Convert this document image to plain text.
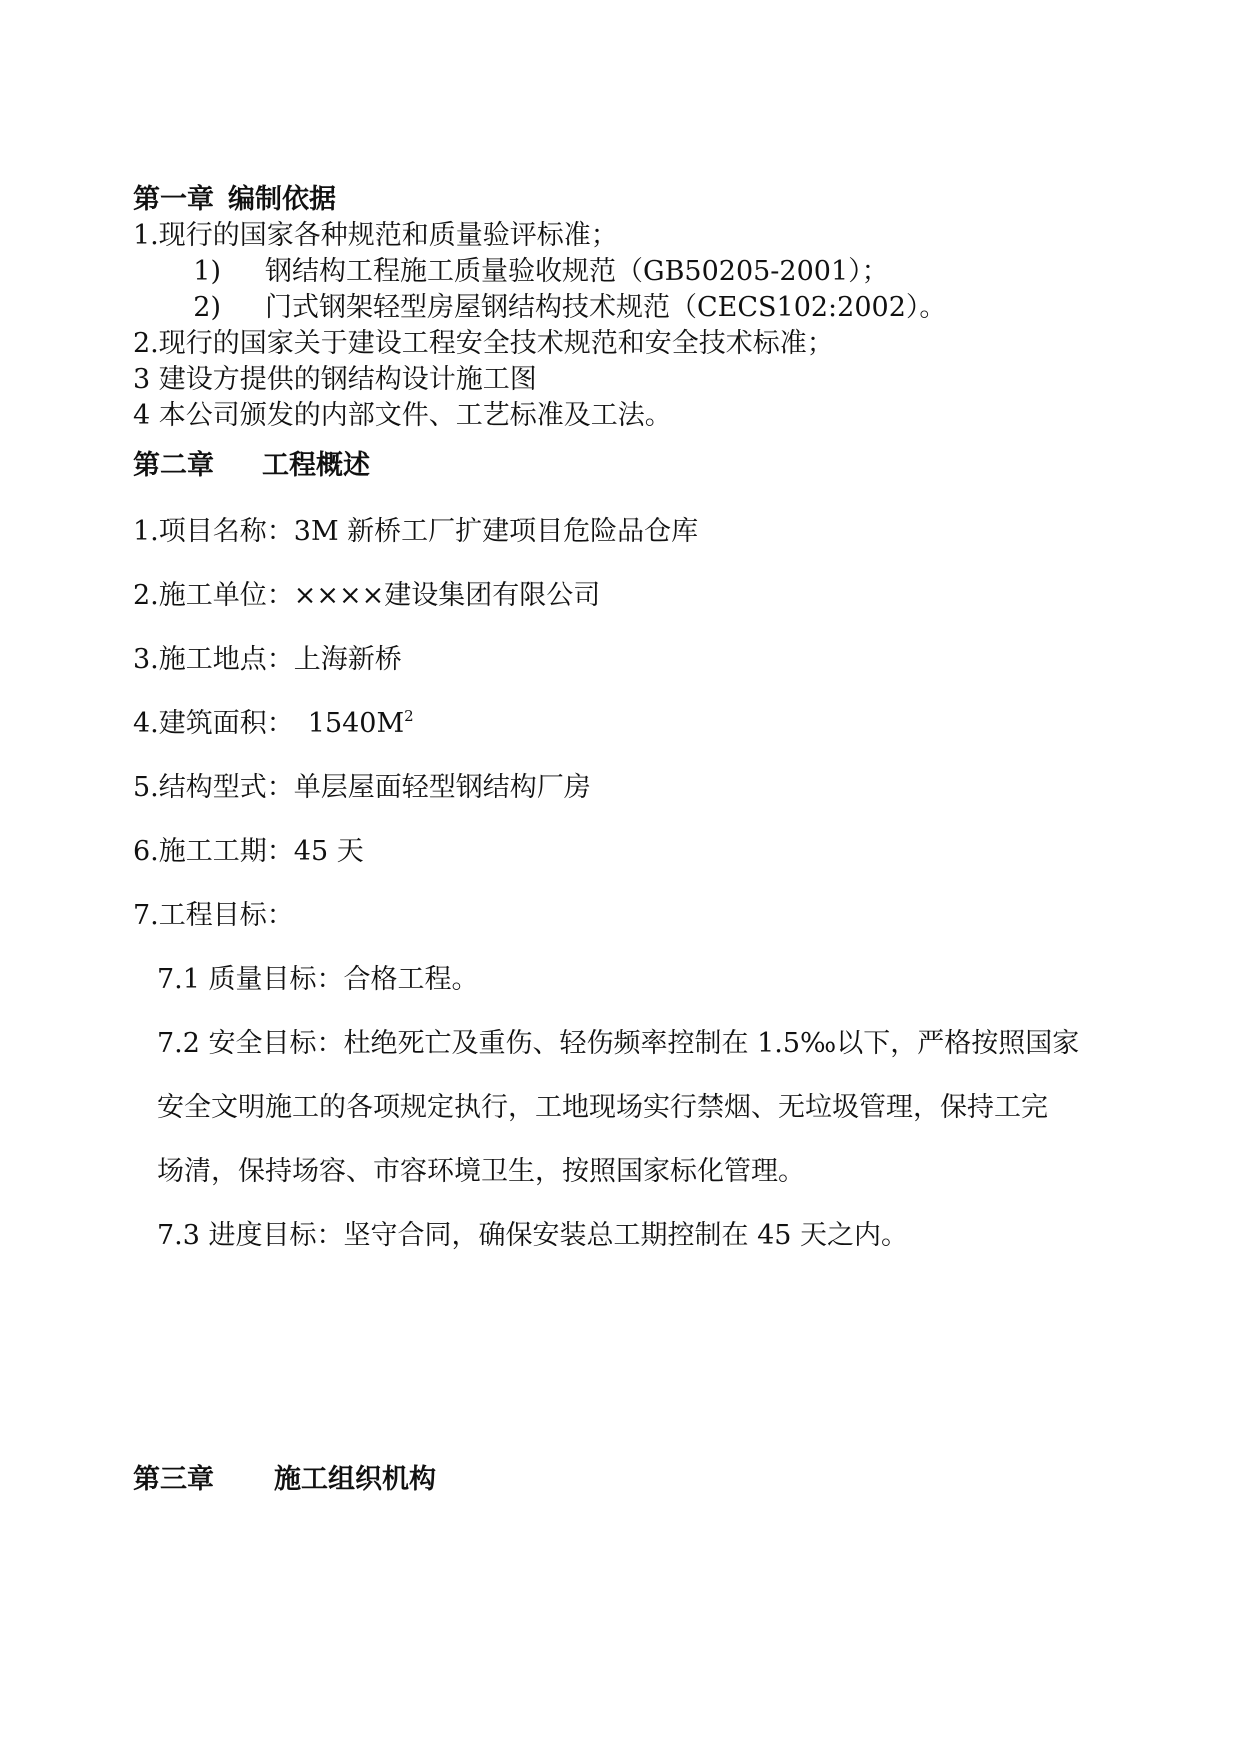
第一章 编制依据
1.现行的国家各种规范和质量验评标准；
1) 钢结构工程施工质量验收规范（GB50205-2001）；
2) 门式钢架轻型房屋钢结构技术规范（CECS102:2002）。
2.现行的国家关于建设工程安全技术规范和安全技术标准；
3 建设方提供的钢结构设计施工图
4 本公司颁发的内部文件、工艺标准及工法。
第二章 工程概述
1.项目名称：3M 新桥工厂扩建项目危险品仓库
2.施工单位：××××建设集团有限公司
3.施工地点：上海新桥
4.建筑面积： $1540M^2$
5.结构型式：单层屋面轻型钢结构厂房
6.施工工期：45 天
7.工程目标：
7.1 质量目标：合格工程。
7.2 安全目标：杜绝死亡及重伤、轻伤频率控制在 1.5‰以下，严格按照国家
安全文明施工的各项规定执行，工地现场实行禁烟、无垃圾管理，保持工完
场清，保持场容、市容环境卫生，按照国家标化管理。
7.3 进度目标：坚守合同，确保安装总工期控制在 45 天之内。
第三章 施工组织机构
